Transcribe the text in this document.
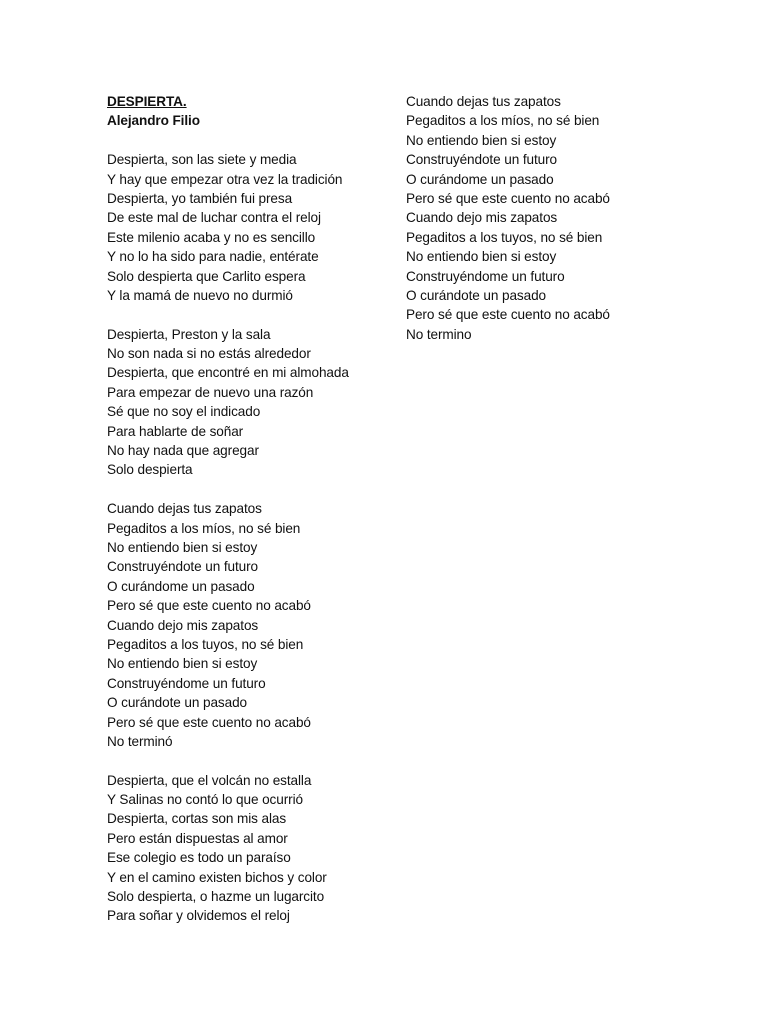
DESPIERTA.
Alejandro Filio
Despierta, son las siete y media
Y hay que empezar otra vez la tradición
Despierta, yo también fui presa
De este mal de luchar contra el reloj
Este milenio acaba y no es sencillo
Y no lo ha sido para nadie, entérate
Solo despierta que Carlito espera
Y la mamá de nuevo no durmió
Despierta, Preston y la sala
No son nada si no estás alrededor
Despierta, que encontré en mi almohada
Para empezar de nuevo una razón
Sé que no soy el indicado
Para hablarte de soñar
No hay nada que agregar
Solo despierta
Cuando dejas tus zapatos
Pegaditos a los míos, no sé bien
No entiendo bien si estoy
Construyéndote un futuro
O curándome un pasado
Pero sé que este cuento no acabó
Cuando dejo mis zapatos
Pegaditos a los tuyos, no sé bien
No entiendo bien si estoy
Construyéndome un futuro
O curándote un pasado
Pero sé que este cuento no acabó
No terminó
Despierta, que el volcán no estalla
Y Salinas no contó lo que ocurrió
Despierta, cortas son mis alas
Pero están dispuestas al amor
Ese colegio es todo un paraíso
Y en el camino existen bichos y color
Solo despierta, o hazme un lugarcito
Para soñar y olvidemos el reloj
Cuando dejas tus zapatos
Pegaditos a los míos, no sé bien
No entiendo bien si estoy
Construyéndote un futuro
O curándome un pasado
Pero sé que este cuento no acabó
Cuando dejo mis zapatos
Pegaditos a los tuyos, no sé bien
No entiendo bien si estoy
Construyéndome un futuro
O curándote un pasado
Pero sé que este cuento no acabó
No termino
